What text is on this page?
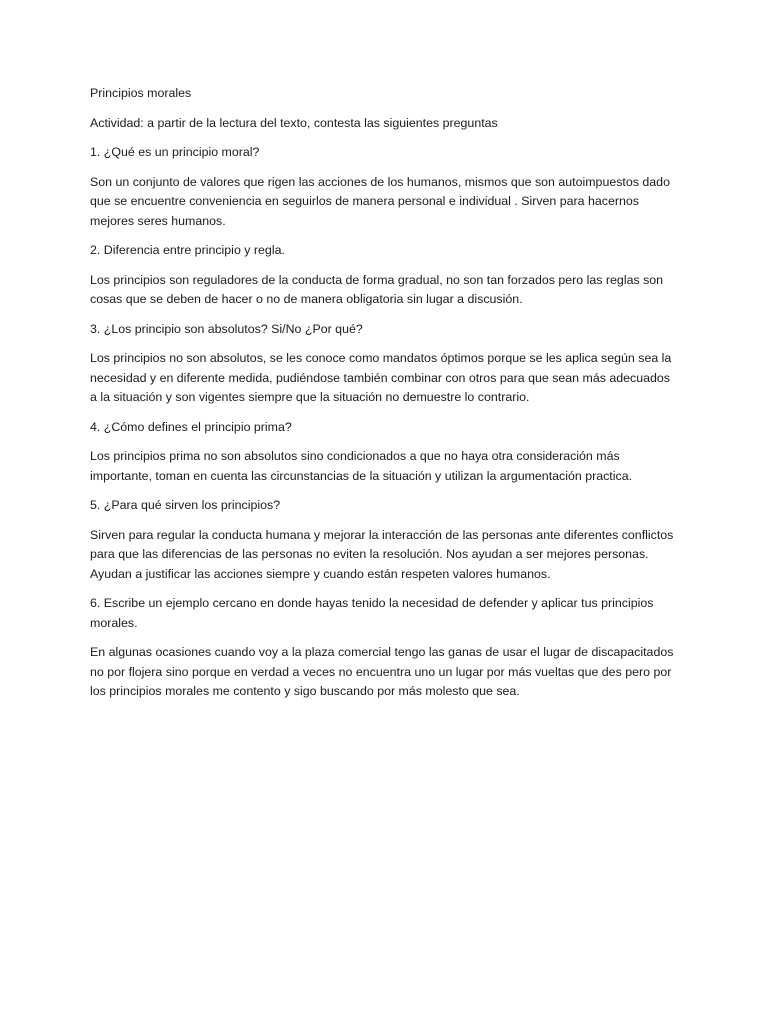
Principios morales

Actividad: a partir de la lectura del texto, contesta las siguientes preguntas

1. ¿Qué es un principio moral?

Son un conjunto de valores que rigen las acciones de los humanos, mismos que son autoimpuestos dado que se encuentre conveniencia en seguirlos de manera personal e individual . Sirven para hacernos mejores seres humanos.

2. Diferencia entre principio y regla.

Los principios son reguladores de la conducta de forma gradual, no son tan forzados pero las reglas son cosas que se deben de hacer o no de manera obligatoria sin lugar a discusión.

3. ¿Los principio son absolutos? Si/No ¿Por qué?

Los principios no son absolutos, se les conoce como mandatos óptimos porque se les aplica según sea la necesidad y en diferente medida, pudiéndose también combinar con otros para que sean más adecuados a la situación y son vigentes siempre que la situación no demuestre lo contrario.

4. ¿Cómo defines el principio prima?

Los principios prima no son absolutos sino condicionados a que no haya otra consideración más importante, toman en cuenta las circunstancias de la situación y utilizan la argumentación practica.

5. ¿Para qué sirven los principios?

Sirven para regular la conducta humana y mejorar la interacción de las personas ante diferentes conflictos para que las diferencias de las personas no eviten la resolución. Nos ayudan a ser mejores personas. Ayudan a justificar las acciones siempre y cuando están respeten valores humanos.

6. Escribe un ejemplo cercano en donde hayas tenido la necesidad de defender y aplicar tus principios morales.

En algunas ocasiones cuando voy a la plaza comercial tengo las ganas de usar el lugar de discapacitados no por flojera sino porque en verdad a veces no encuentra uno un lugar por más vueltas que des pero por los principios morales me contento y sigo buscando por más molesto que sea.
